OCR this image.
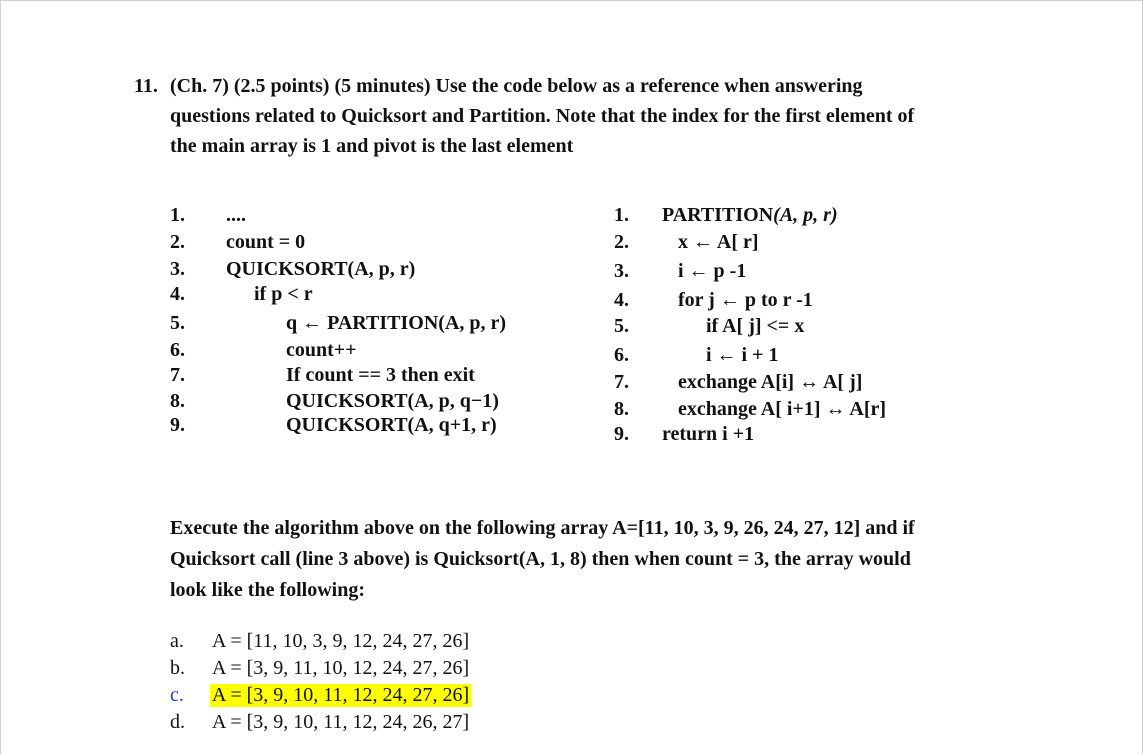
11. (Ch. 7) (2.5 points) (5 minutes) Use the code below as a reference when answering
questions related to Quicksort and Partition. Note that the index for the first element of
the main array is 1 and pivot is the last element
1. ....
2. count = 0
3. QUICKSORT(A, p, r)
4.	if p < r
5.	q ← PARTITION(A, p, r)
6.	count++
7.	If count == 3 then exit
8.	QUICKSORT(A, p, q−1)
9.	QUICKSORT(A, q+1, r)
1. PARTITION(A, p, r)
2. x ← A[ r]
3. i ← p -1
4. for j ← p to r -1
5.	if A[ j] <= x
6.	i ← i + 1
7. exchange A[i] ↔ A[ j]
8. exchange A[ i+1] ↔ A[r]
9. return i +1
Execute the algorithm above on the following array A=[11, 10, 3, 9, 26, 24, 27, 12] and if
Quicksort call (line 3 above) is Quicksort(A, 1, 8) then when count = 3, the array would
look like the following:
a. A = [11, 10, 3, 9, 12, 24, 27, 26]
b. A = [3, 9, 11, 10, 12, 24, 27, 26]
c. A = [3, 9, 10, 11, 12, 24, 27, 26]
d. A = [3, 9, 10, 11, 12, 24, 26, 27]
